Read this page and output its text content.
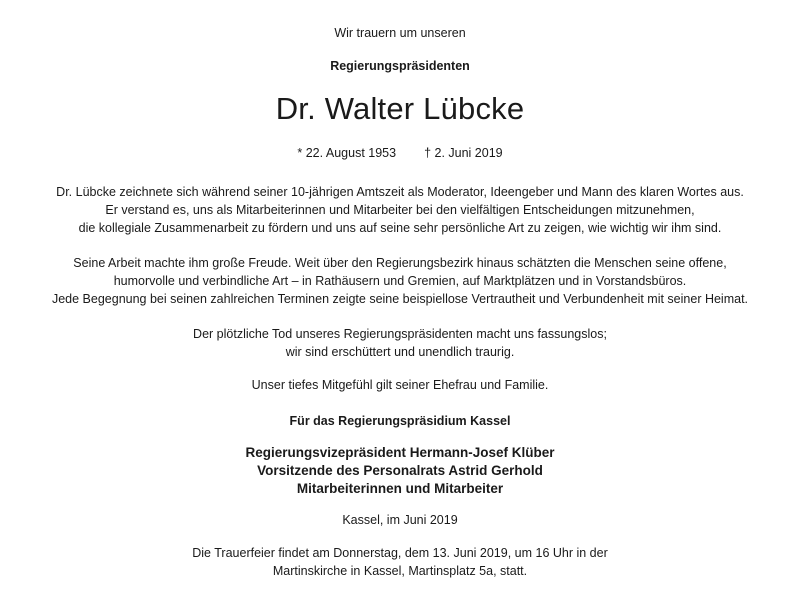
Wir trauern um unseren
Regierungspräsidenten
Dr. Walter Lübcke
* 22. August 1953 † 2. Juni 2019
Dr. Lübcke zeichnete sich während seiner 10-jährigen Amtszeit als Moderator, Ideengeber und Mann des klaren Wortes aus.
Er verstand es, uns als Mitarbeiterinnen und Mitarbeiter bei den vielfältigen Entscheidungen mitzunehmen,
die kollegiale Zusammenarbeit zu fördern und uns auf seine sehr persönliche Art zu zeigen, wie wichtig wir ihm sind.
Seine Arbeit machte ihm große Freude. Weit über den Regierungsbezirk hinaus schätzten die Menschen seine offene,
humorvolle und verbindliche Art – in Rathäusern und Gremien, auf Marktplätzen und in Vorstandsbüros.
Jede Begegnung bei seinen zahlreichen Terminen zeigte seine beispiellose Vertrautheit und Verbundenheit mit seiner Heimat.
Der plötzliche Tod unseres Regierungspräsidenten macht uns fassungslos;
wir sind erschüttert und unendlich traurig.
Unser tiefes Mitgefühl gilt seiner Ehefrau und Familie.
Für das Regierungspräsidium Kassel
Regierungsvizepräsident Hermann-Josef Klüber
Vorsitzende des Personalrats Astrid Gerhold
Mitarbeiterinnen und Mitarbeiter
Kassel, im Juni 2019
Die Trauerfeier findet am Donnerstag, dem 13. Juni 2019, um 16 Uhr in der
Martinskirche in Kassel, Martinsplatz 5a, statt.
